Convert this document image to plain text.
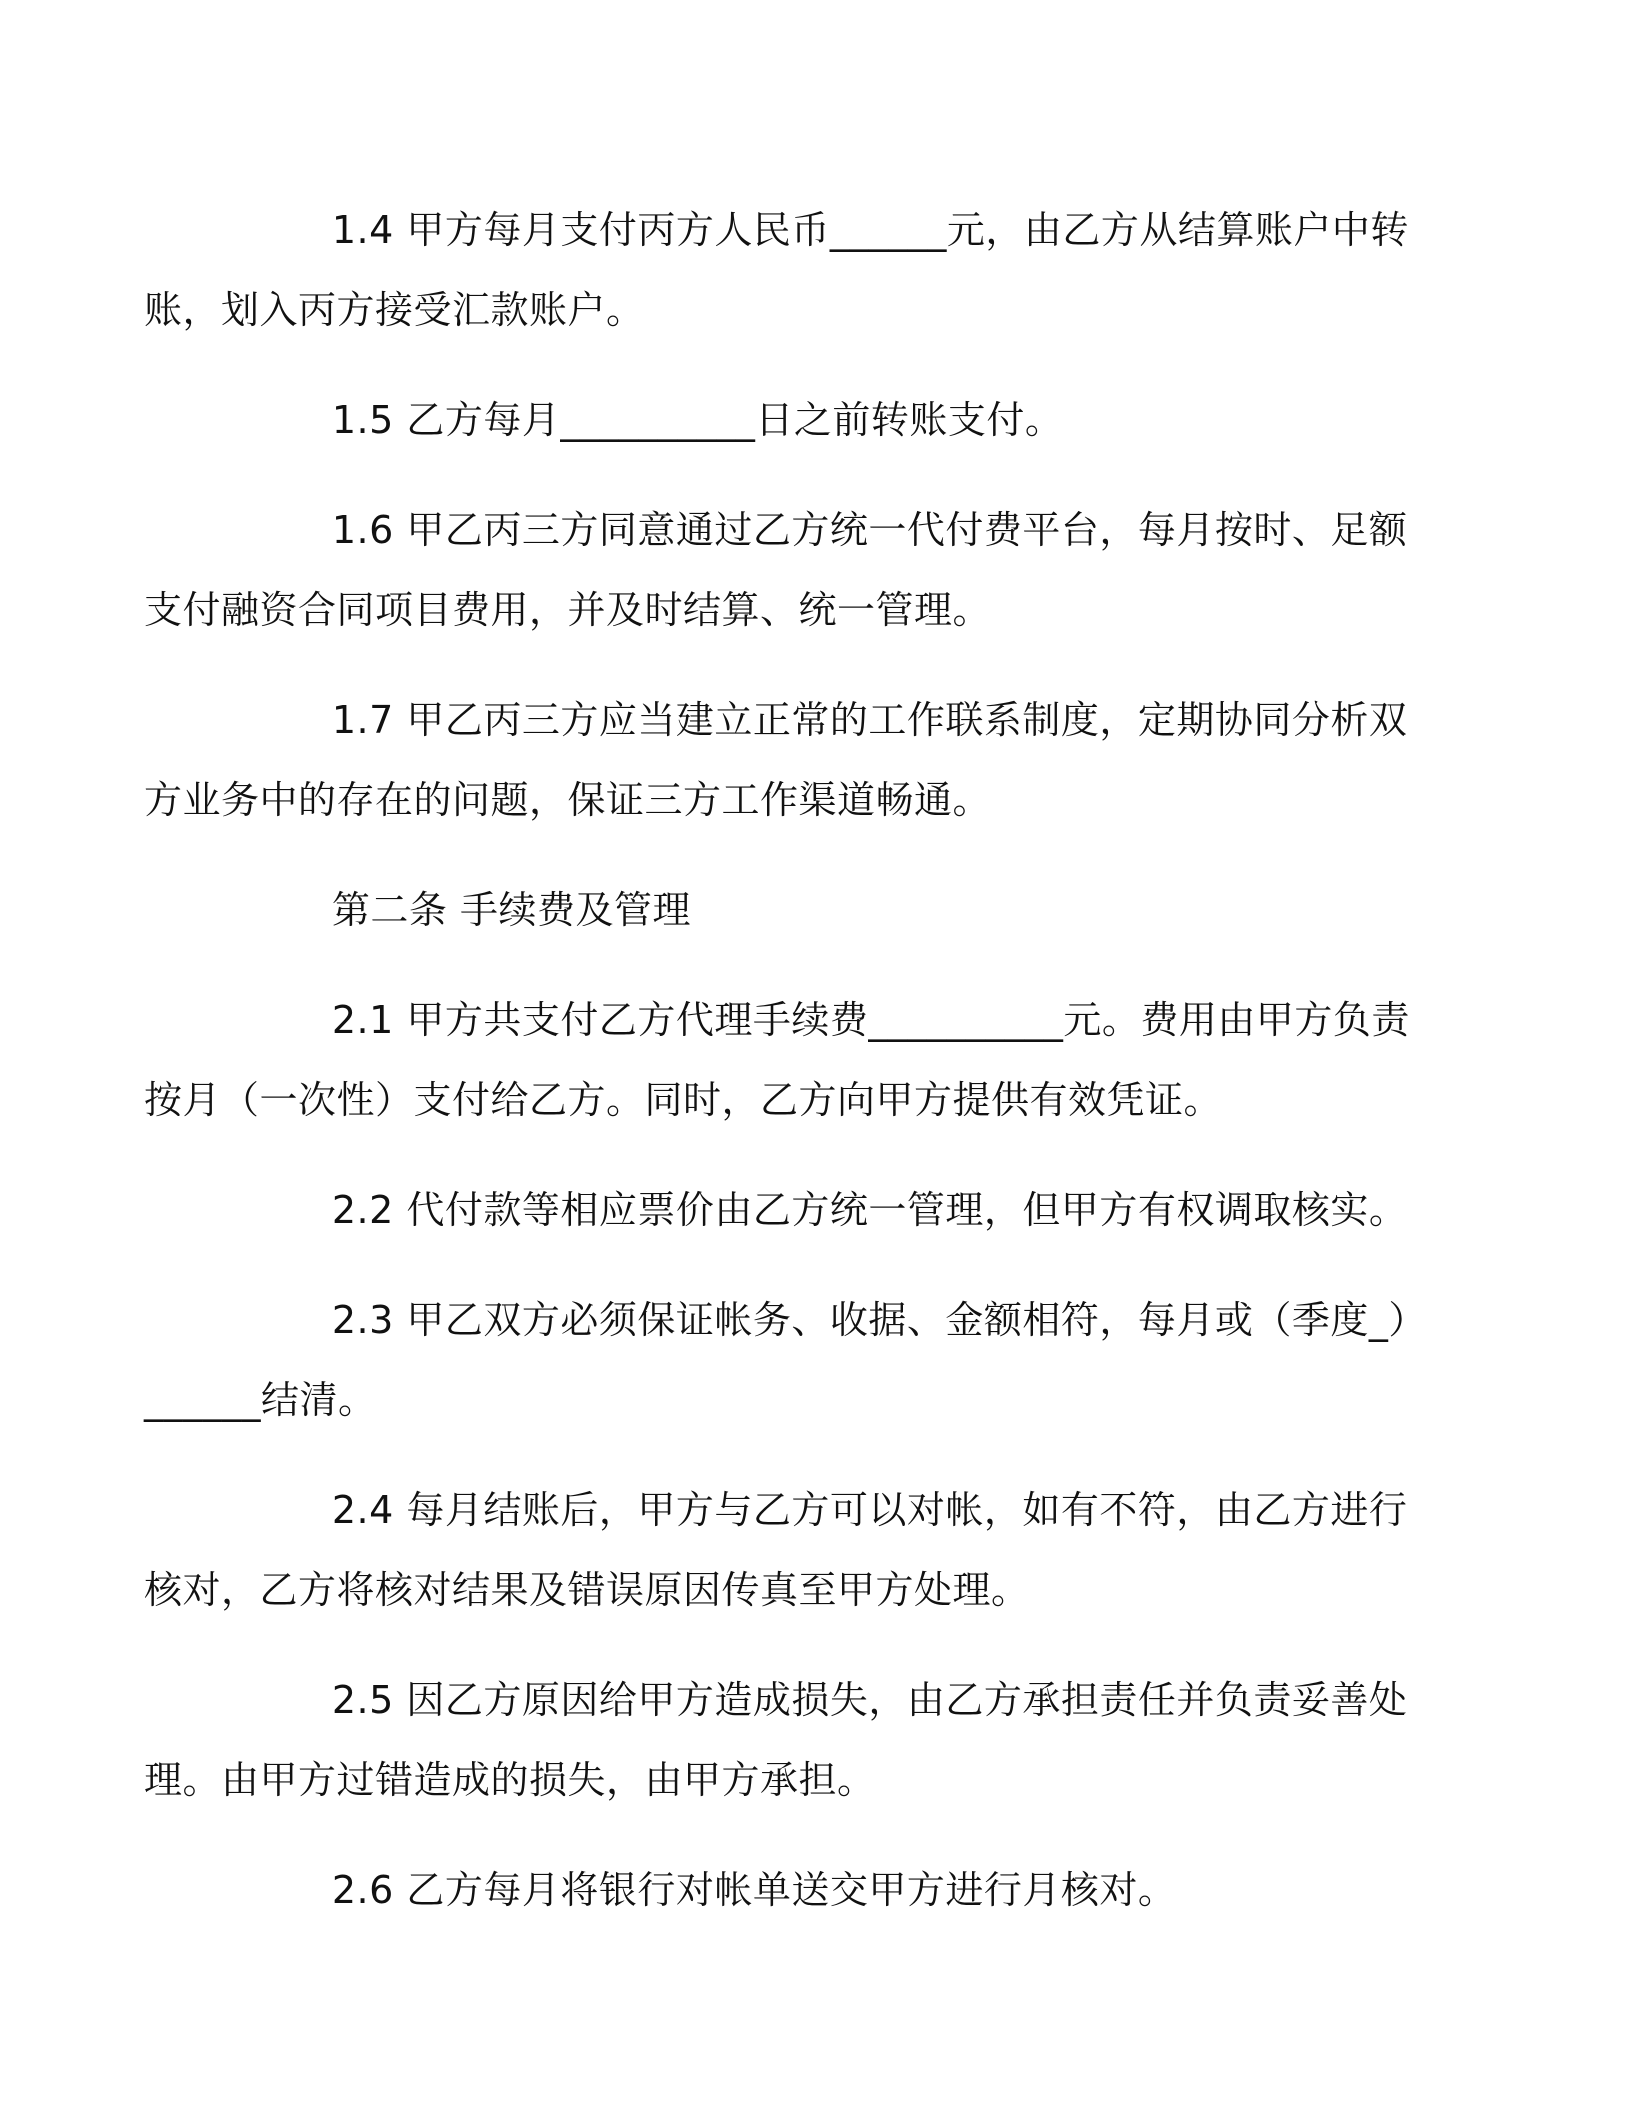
1.4 甲方每月支付丙方人民币______元，由乙方从结算账户中转
账，划入丙方接受汇款账户。

1.5 乙方每月__________日之前转账支付。

1.6 甲乙丙三方同意通过乙方统一代付费平台，每月按时、足额
支付融资合同项目费用，并及时结算、统一管理。

1.7 甲乙丙三方应当建立正常的工作联系制度，定期协同分析双
方业务中的存在的问题，保证三方工作渠道畅通。

第二条 手续费及管理

2.1 甲方共支付乙方代理手续费__________元。费用由甲方负责
按月（一次性）支付给乙方。同时，乙方向甲方提供有效凭证。

2.2 代付款等相应票价由乙方统一管理，但甲方有权调取核实。

2.3 甲乙双方必须保证帐务、收据、金额相符，每月或（季度_）
______结清。

2.4 每月结账后，甲方与乙方可以对帐，如有不符，由乙方进行
核对，乙方将核对结果及错误原因传真至甲方处理。

2.5 因乙方原因给甲方造成损失，由乙方承担责任并负责妥善处
理。由甲方过错造成的损失，由甲方承担。

2.6 乙方每月将银行对帐单送交甲方进行月核对。
